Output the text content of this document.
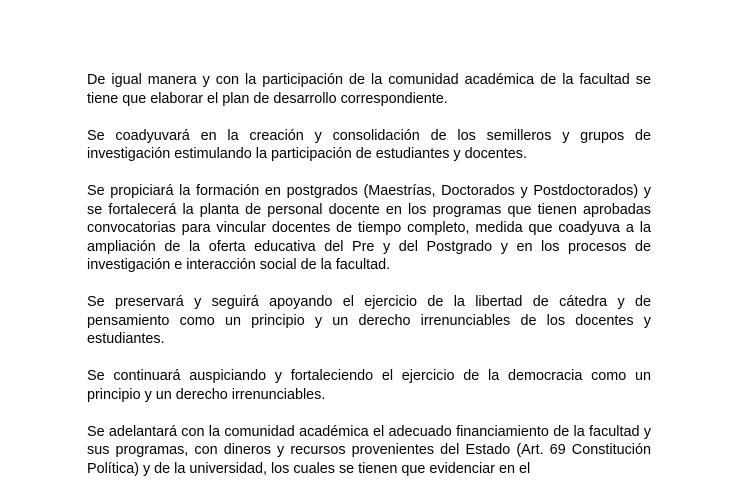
De igual manera y con la participación de la comunidad académica de la facultad se tiene que elaborar el plan de desarrollo correspondiente.

Se coadyuvará en la creación y consolidación de los semilleros y grupos de investigación estimulando la participación de estudiantes y docentes.

Se propiciará la formación en postgrados (Maestrías, Doctorados y Postdoctorados) y se fortalecerá la planta de personal docente en los programas que tienen aprobadas convocatorias para vincular docentes de tiempo completo, medida que coadyuva a la ampliación de la oferta educativa del Pre y del Postgrado y en los procesos de investigación e interacción social de la facultad.

Se preservará y seguirá apoyando el ejercicio de la libertad de cátedra y de pensamiento como un principio y un derecho irrenunciables de los docentes y estudiantes.

Se continuará auspiciando y fortaleciendo el ejercicio de la democracia como un principio y un derecho irrenunciables.

Se adelantará con la comunidad académica el adecuado financiamiento de la facultad y sus programas, con dineros y recursos provenientes del Estado (Art. 69 Constitución Política) y de la universidad, los cuales se tienen que evidenciar en el
